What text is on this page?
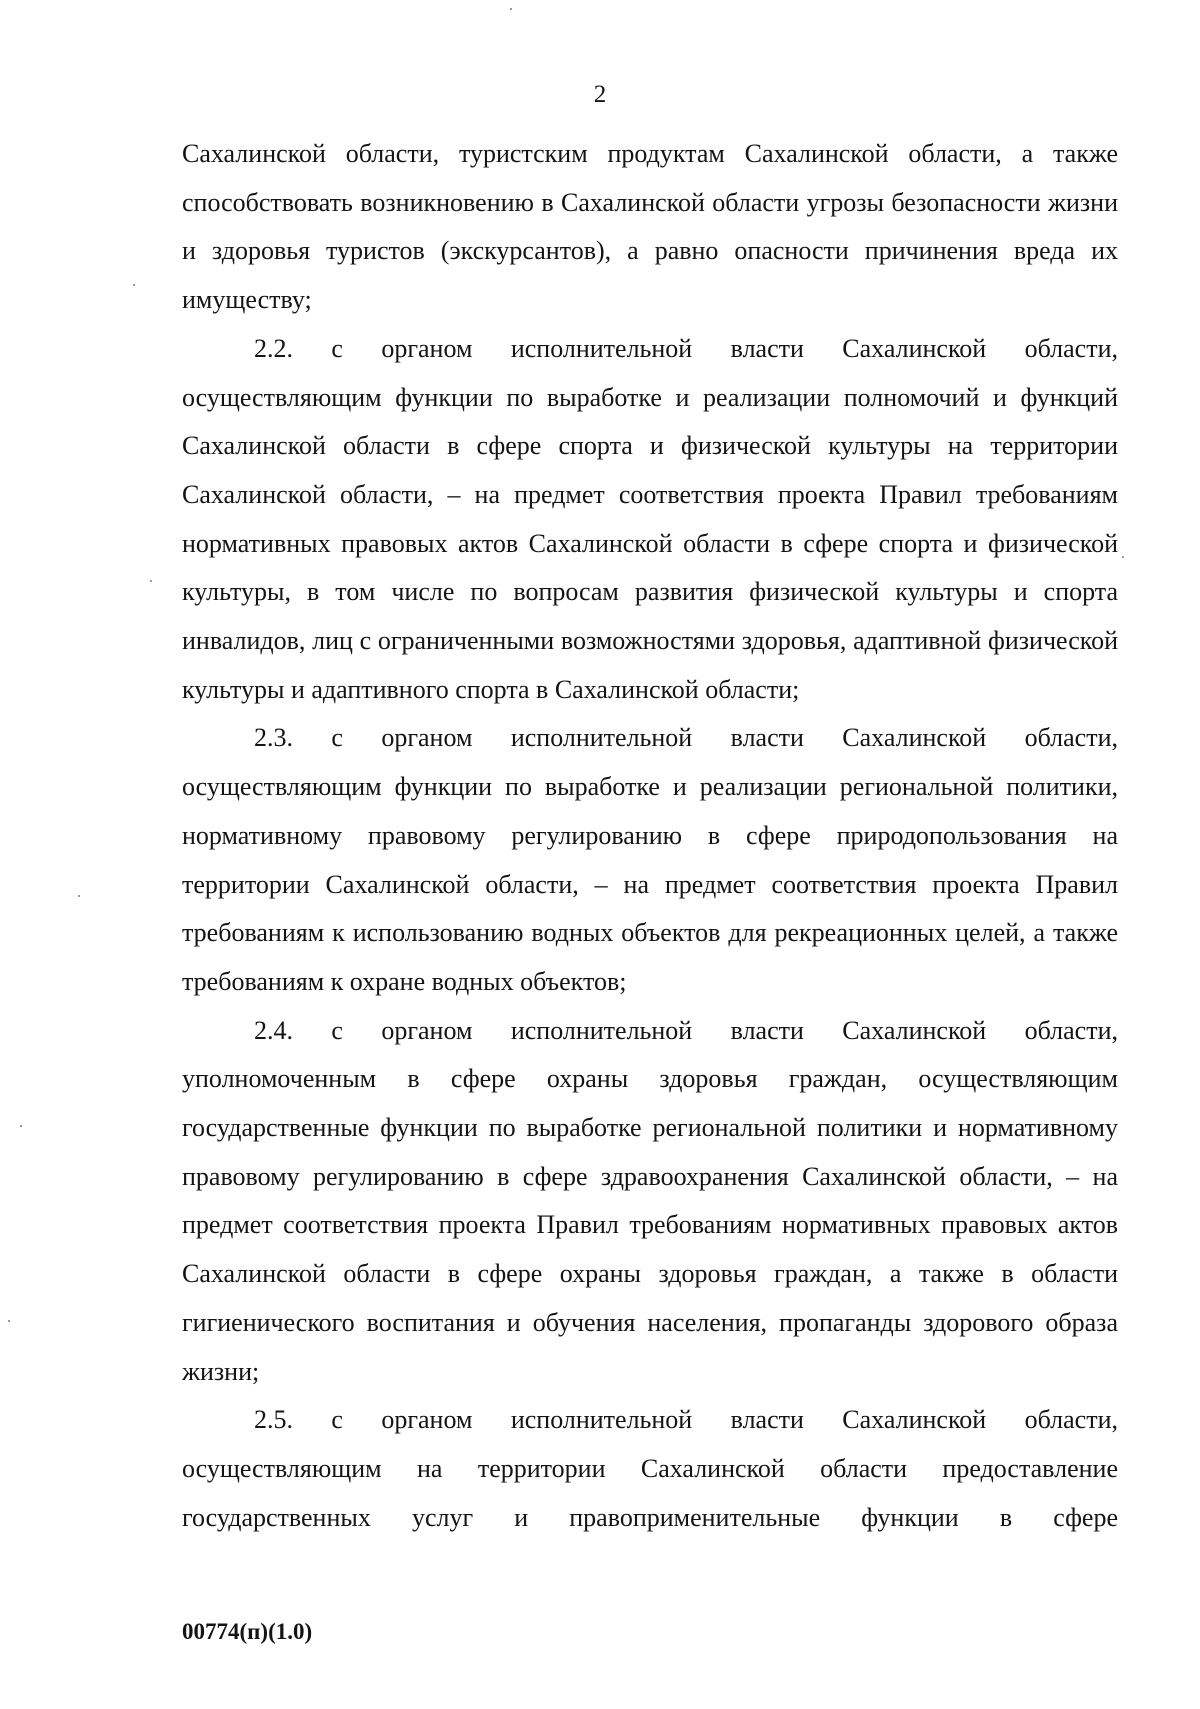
2

Сахалинской области, туристским продуктам Сахалинской области, а также способствовать возникновению в Сахалинской области угрозы безопасности жизни и здоровья туристов (экскурсантов), а равно опасности причинения вреда их имуществу;

2.2. с органом исполнительной власти Сахалинской области, осуществляющим функции по выработке и реализации полномочий и функций Сахалинской области в сфере спорта и физической культуры на территории Сахалинской области, – на предмет соответствия проекта Правил требованиям нормативных правовых актов Сахалинской области в сфере спорта и физической культуры, в том числе по вопросам развития физической культуры и спорта инвалидов, лиц с ограниченными возможностями здоровья, адаптивной физической культуры и адаптивного спорта в Сахалинской области;

2.3. с органом исполнительной власти Сахалинской области, осуществляющим функции по выработке и реализации региональной политики, нормативному правовому регулированию в сфере природопользования на территории Сахалинской области, – на предмет соответствия проекта Правил требованиям к использованию водных объектов для рекреационных целей, а также требованиям к охране водных объектов;

2.4. с органом исполнительной власти Сахалинской области, уполномоченным в сфере охраны здоровья граждан, осуществляющим государственные функции по выработке региональной политики и нормативному правовому регулированию в сфере здравоохранения Сахалинской области, – на предмет соответствия проекта Правил требованиям нормативных правовых актов Сахалинской области в сфере охраны здоровья граждан, а также в области гигиенического воспитания и обучения населения, пропаганды здорового образа жизни;

2.5. с органом исполнительной власти Сахалинской области, осуществляющим на территории Сахалинской области предоставление государственных услуг и правоприменительные функции в сфере

00774(п)(1.0)
